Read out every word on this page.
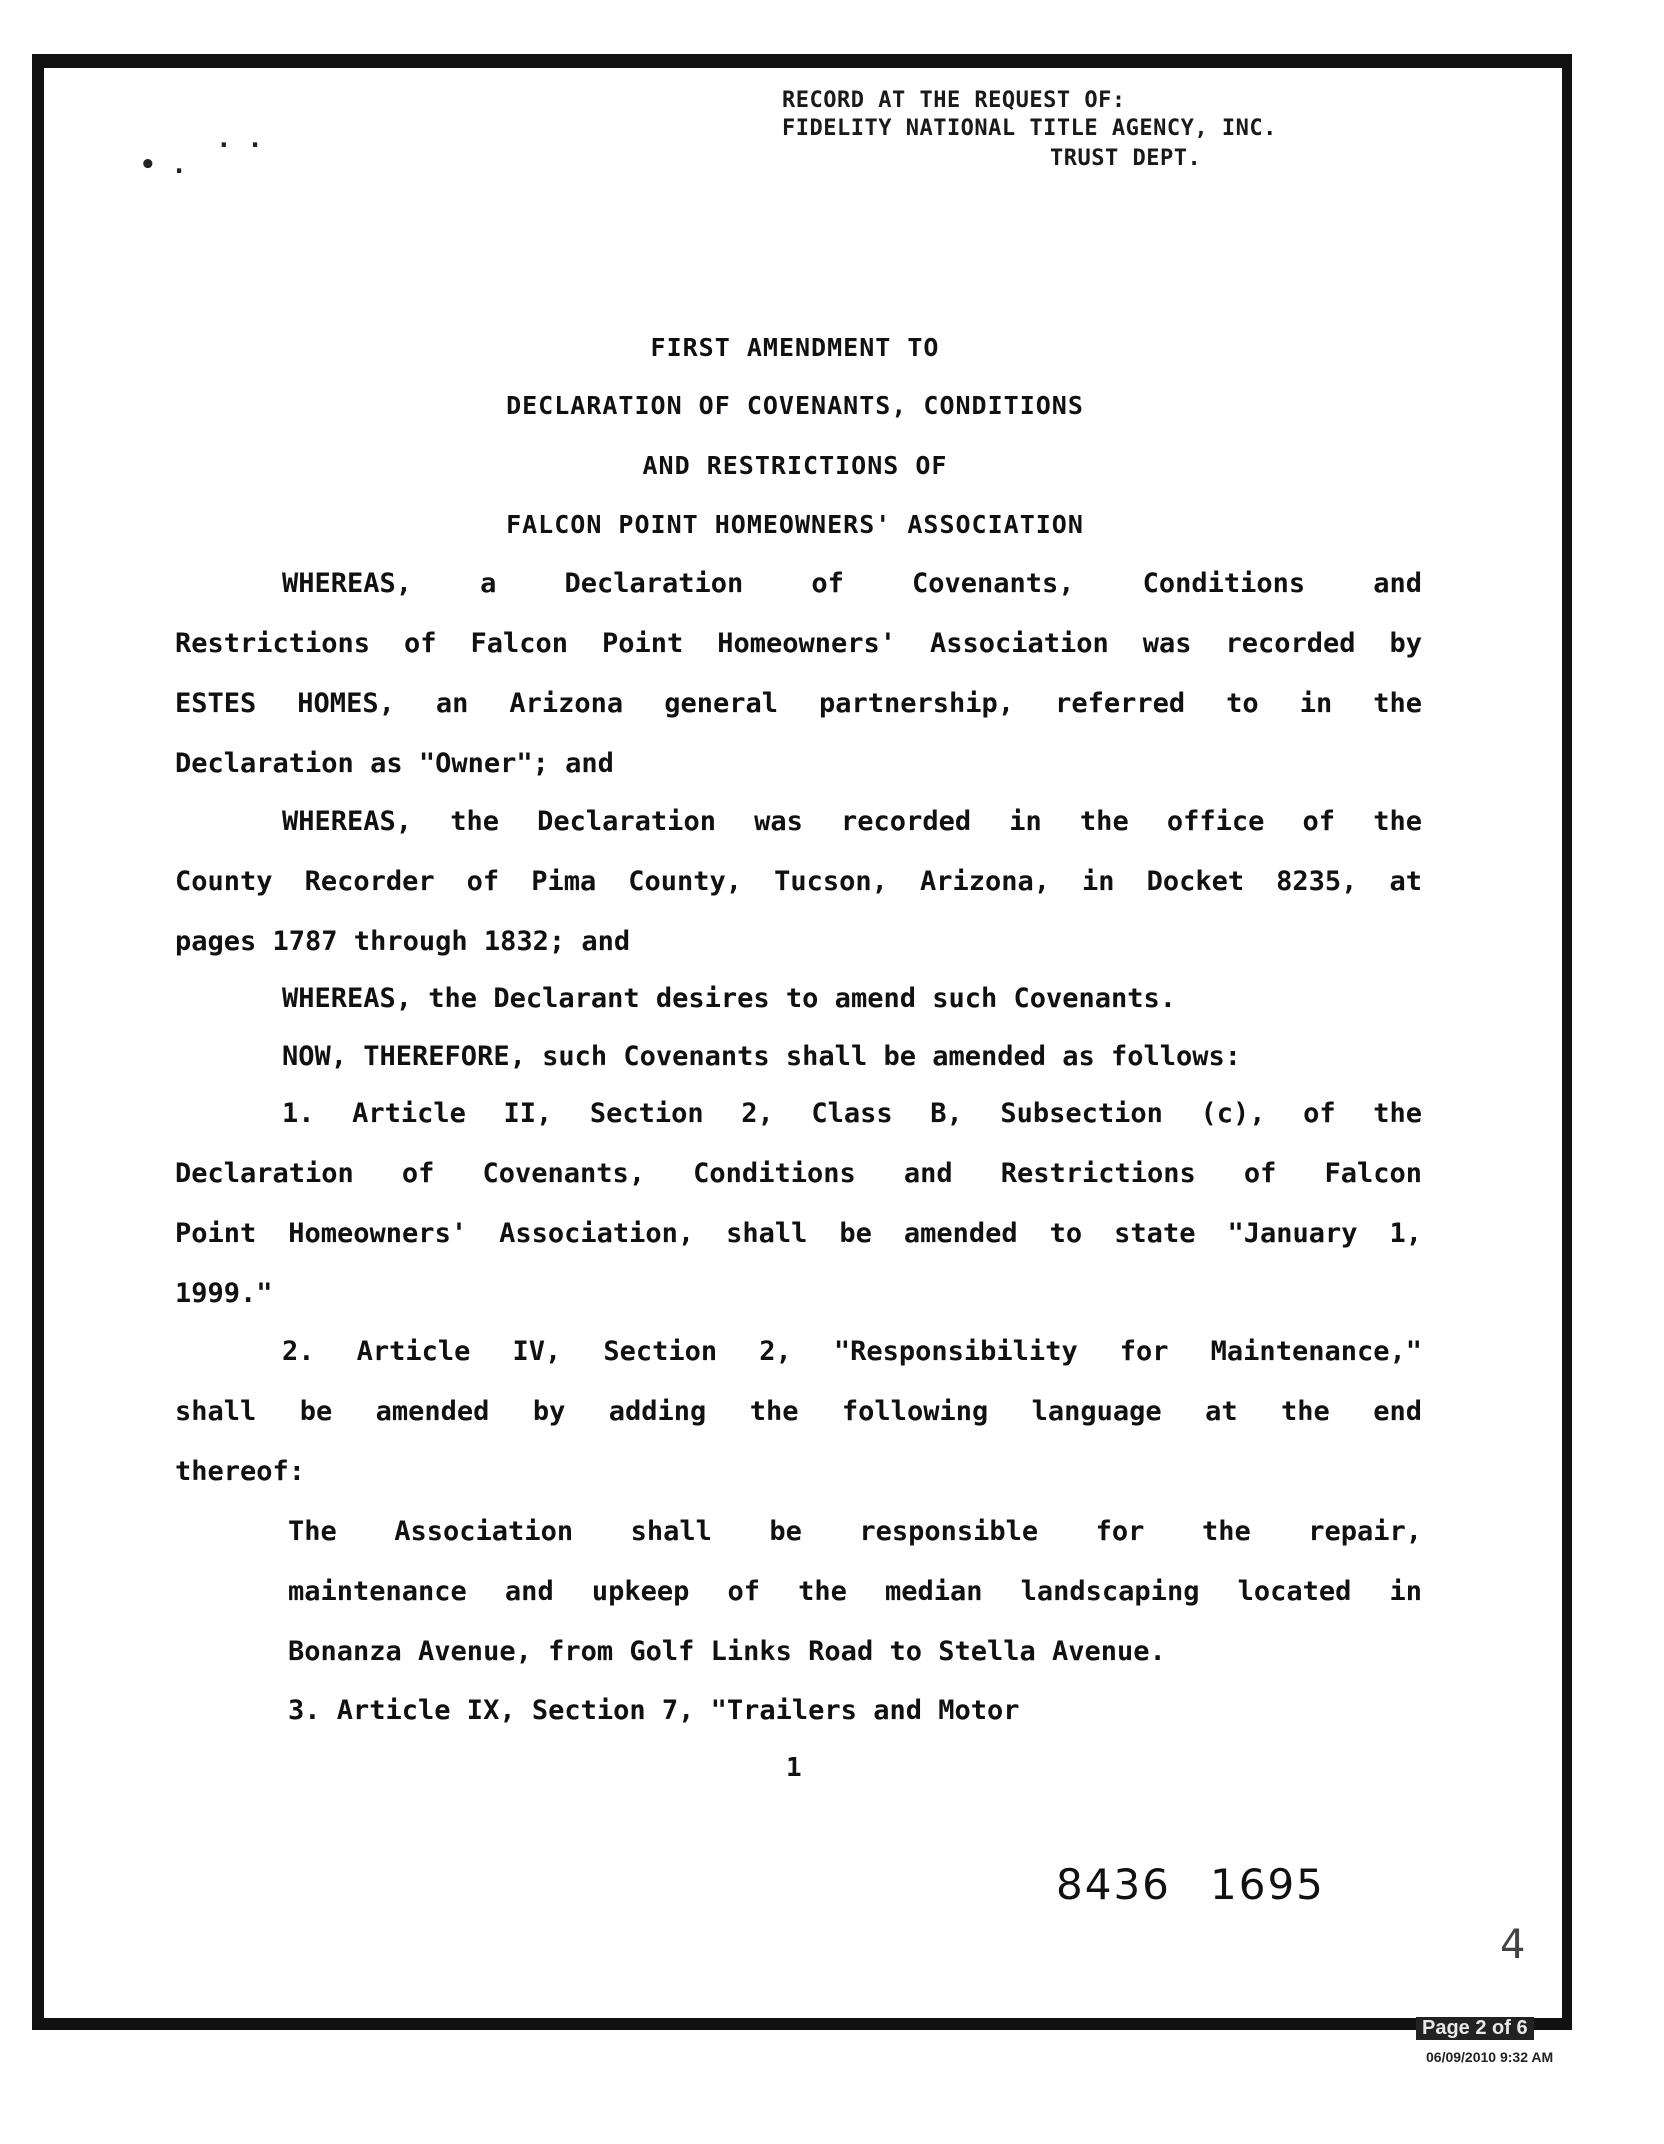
. .
• .
RECORD AT THE REQUEST OF:
FIDELITY NATIONAL TITLE AGENCY, INC.
TRUST DEPT.
FIRST AMENDMENT TO
DECLARATION OF COVENANTS, CONDITIONS
AND RESTRICTIONS OF
FALCON POINT HOMEOWNERS' ASSOCIATION
WHEREAS, a Declaration of Covenants, Conditions and
Restrictions of Falcon Point Homeowners' Association was recorded by
ESTES HOMES, an Arizona general partnership, referred to in the
Declaration as "Owner"; and
WHEREAS, the Declaration was recorded in the office of the
County Recorder of Pima County, Tucson, Arizona, in Docket 8235, at
pages 1787 through 1832; and
WHEREAS, the Declarant desires to amend such Covenants.
NOW, THEREFORE, such Covenants shall be amended as follows:
1. Article II, Section 2, Class B, Subsection (c), of the
Declaration of Covenants, Conditions and Restrictions of Falcon
Point Homeowners' Association, shall be amended to state "January 1,
1999."
2. Article IV, Section 2, "Responsibility for Maintenance,"
shall be amended by adding the following language at the end
thereof:
The Association shall be responsible for the repair,
maintenance and upkeep of the median landscaping located in
Bonanza Avenue, from Golf Links Road to Stella Avenue.
3. Article IX, Section 7, "Trailers and Motor
1
8436 1695
4
Page 2 of 6
06/09/2010 9:32 AM
